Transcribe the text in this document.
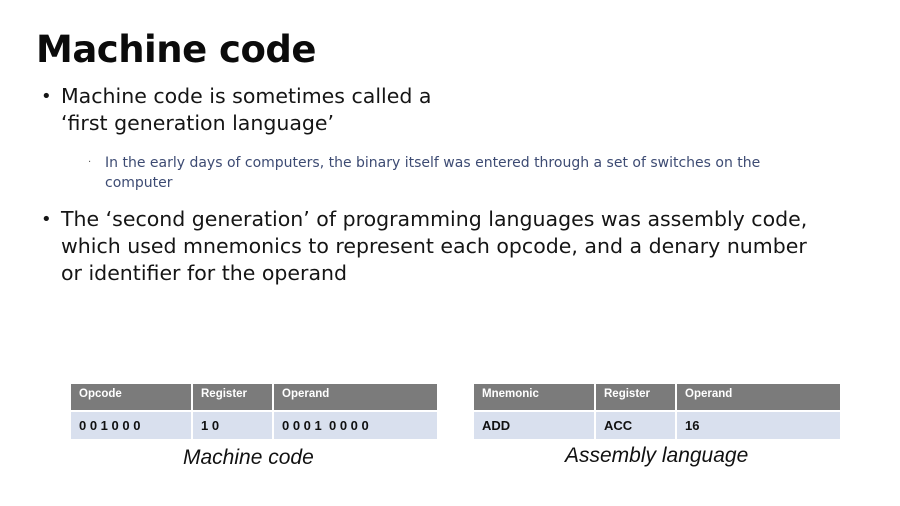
Machine code
• Machine code is sometimes called a
‘first generation language’
· In the early days of computers, the binary itself was entered through a set of switches on the
computer
• The ‘second generation’ of programming languages was assembly code,
which used mnemonics to represent each opcode, and a denary number
or identifier for the operand
Opcode	Register	Operand
0 0 1 0 0 0	1 0	0 0 0 1  0 0 0 0
Machine code
Mnemonic	Register	Operand
ADD	ACC	16
Assembly language
